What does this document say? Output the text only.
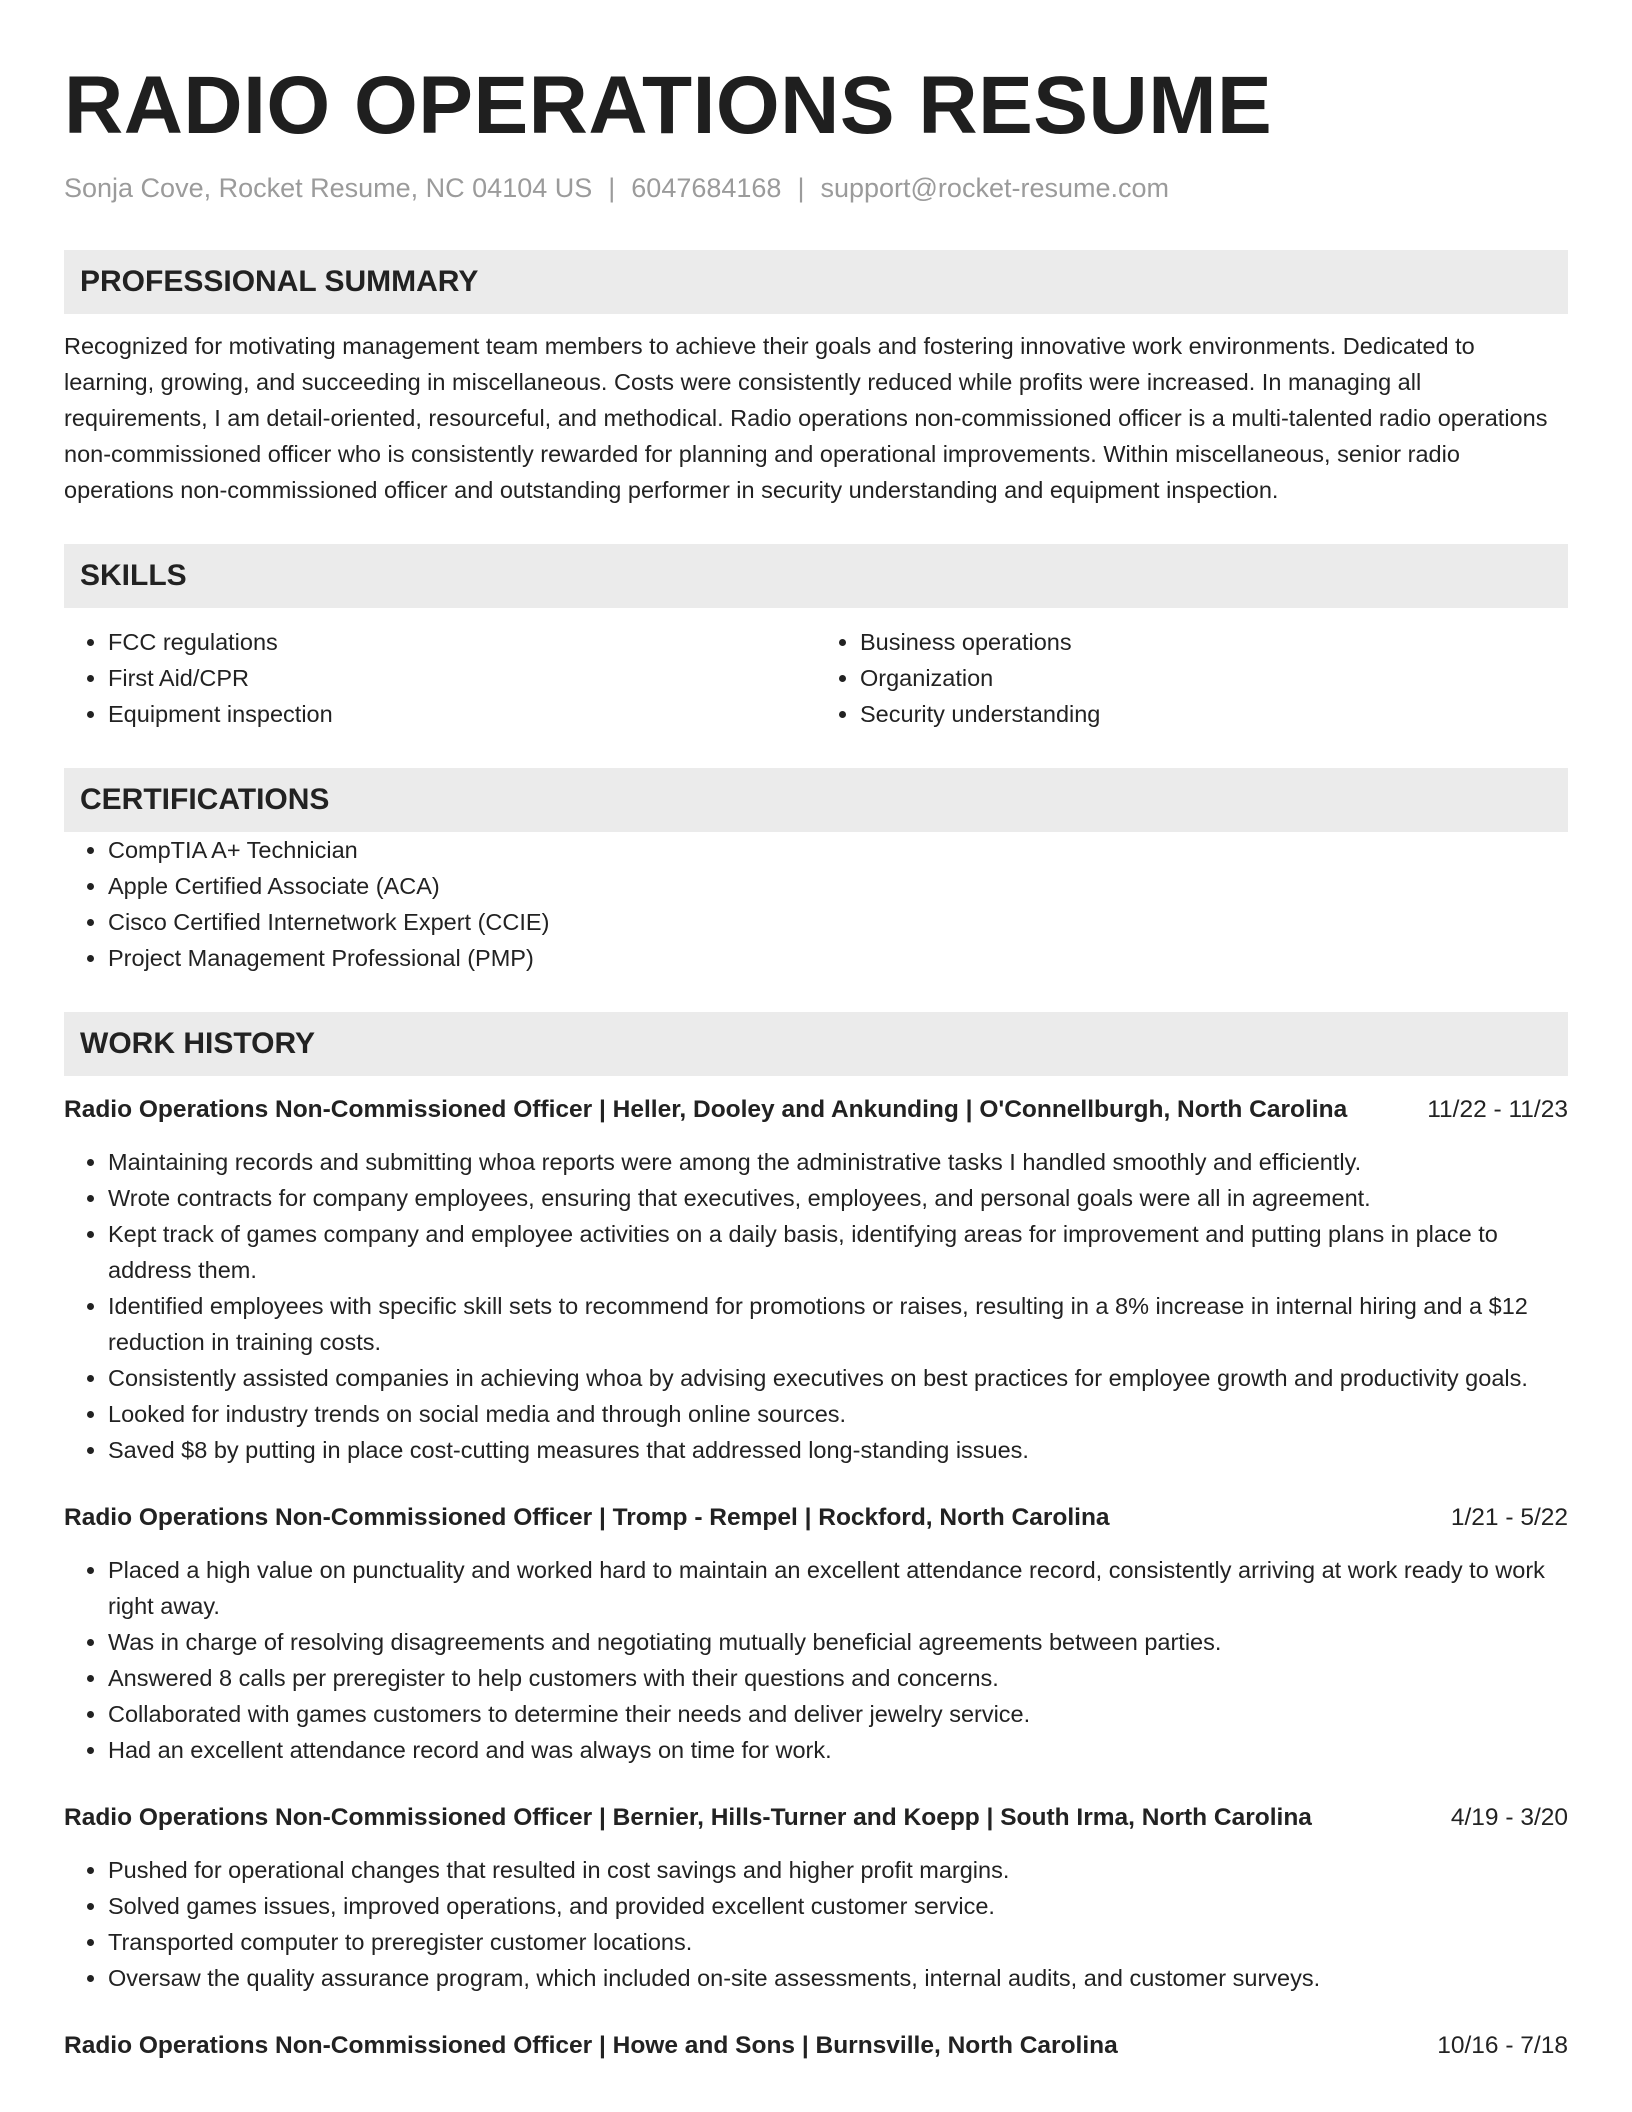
RADIO OPERATIONS RESUME
Sonja Cove, Rocket Resume, NC 04104 US | 6047684168 | support@rocket-resume.com
PROFESSIONAL SUMMARY
Recognized for motivating management team members to achieve their goals and fostering innovative work environments. Dedicated to learning, growing, and succeeding in miscellaneous. Costs were consistently reduced while profits were increased. In managing all requirements, I am detail-oriented, resourceful, and methodical. Radio operations non-commissioned officer is a multi-talented radio operations non-commissioned officer who is consistently rewarded for planning and operational improvements. Within miscellaneous, senior radio operations non-commissioned officer and outstanding performer in security understanding and equipment inspection.
SKILLS
• FCC regulations
• First Aid/CPR
• Equipment inspection
• Business operations
• Organization
• Security understanding
CERTIFICATIONS
• CompTIA A+ Technician
• Apple Certified Associate (ACA)
• Cisco Certified Internetwork Expert (CCIE)
• Project Management Professional (PMP)
WORK HISTORY
Radio Operations Non-Commissioned Officer | Heller, Dooley and Ankunding | O'Connellburgh, North Carolina	11/22 - 11/23
• Maintaining records and submitting whoa reports were among the administrative tasks I handled smoothly and efficiently.
• Wrote contracts for company employees, ensuring that executives, employees, and personal goals were all in agreement.
• Kept track of games company and employee activities on a daily basis, identifying areas for improvement and putting plans in place to address them.
• Identified employees with specific skill sets to recommend for promotions or raises, resulting in a 8% increase in internal hiring and a $12 reduction in training costs.
• Consistently assisted companies in achieving whoa by advising executives on best practices for employee growth and productivity goals.
• Looked for industry trends on social media and through online sources.
• Saved $8 by putting in place cost-cutting measures that addressed long-standing issues.
Radio Operations Non-Commissioned Officer | Tromp - Rempel | Rockford, North Carolina	1/21 - 5/22
• Placed a high value on punctuality and worked hard to maintain an excellent attendance record, consistently arriving at work ready to work right away.
• Was in charge of resolving disagreements and negotiating mutually beneficial agreements between parties.
• Answered 8 calls per preregister to help customers with their questions and concerns.
• Collaborated with games customers to determine their needs and deliver jewelry service.
• Had an excellent attendance record and was always on time for work.
Radio Operations Non-Commissioned Officer | Bernier, Hills-Turner and Koepp | South Irma, North Carolina	4/19 - 3/20
• Pushed for operational changes that resulted in cost savings and higher profit margins.
• Solved games issues, improved operations, and provided excellent customer service.
• Transported computer to preregister customer locations.
• Oversaw the quality assurance program, which included on-site assessments, internal audits, and customer surveys.
Radio Operations Non-Commissioned Officer | Howe and Sons | Burnsville, North Carolina	10/16 - 7/18
